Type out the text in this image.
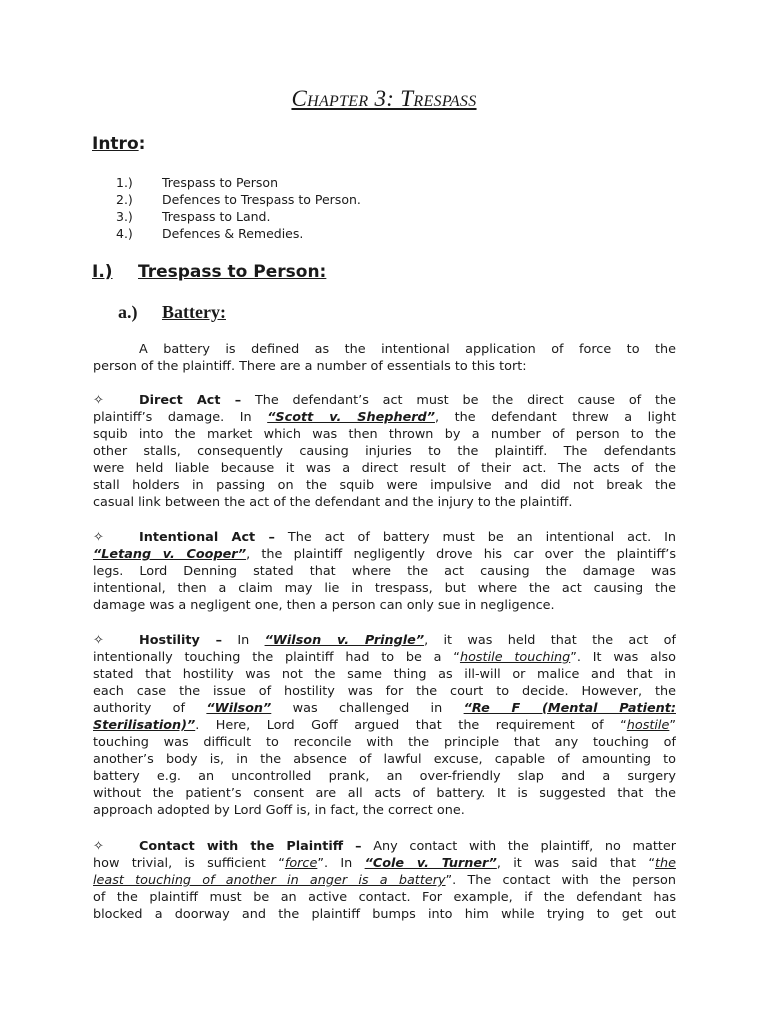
Chapter 3: Trespass
Intro:
1.) Trespass to Person
2.) Defences to Trespass to Person.
3.) Trespass to Land.
4.) Defences & Remedies.
I.) Trespass to Person:
a.) Battery:
A battery is defined as the intentional application of force to the
person of the plaintiff. There are a number of essentials to this tort:
✧	Direct Act – The defendant’s act must be the direct cause of the
plaintiff’s damage. In “Scott v. Shepherd”, the defendant threw a light
squib into the market which was then thrown by a number of person to the
other stalls, consequently causing injuries to the plaintiff. The defendants
were held liable because it was a direct result of their act. The acts of the
stall holders in passing on the squib were impulsive and did not break the
casual link between the act of the defendant and the injury to the plaintiff.
✧	Intentional Act – The act of battery must be an intentional act. In
“Letang v. Cooper”, the plaintiff negligently drove his car over the plaintiff’s
legs. Lord Denning stated that where the act causing the damage was
intentional, then a claim may lie in trespass, but where the act causing the
damage was a negligent one, then a person can only sue in negligence.
✧	Hostility – In “Wilson v. Pringle”, it was held that the act of
intentionally touching the plaintiff had to be a “hostile touching”. It was also
stated that hostility was not the same thing as ill-will or malice and that in
each case the issue of hostility was for the court to decide. However, the
authority of “Wilson” was challenged in “Re F (Mental Patient:
Sterilisation)”. Here, Lord Goff argued that the requirement of “hostile”
touching was difficult to reconcile with the principle that any touching of
another’s body is, in the absence of lawful excuse, capable of amounting to
battery e.g. an uncontrolled prank, an over-friendly slap and a surgery
without the patient’s consent are all acts of battery. It is suggested that the
approach adopted by Lord Goff is, in fact, the correct one.
✧	Contact with the Plaintiff – Any contact with the plaintiff, no matter
how trivial, is sufficient “force”. In “Cole v. Turner”, it was said that “the
least touching of another in anger is a battery”. The contact with the person
of the plaintiff must be an active contact. For example, if the defendant has
blocked a doorway and the plaintiff bumps into him while trying to get out
